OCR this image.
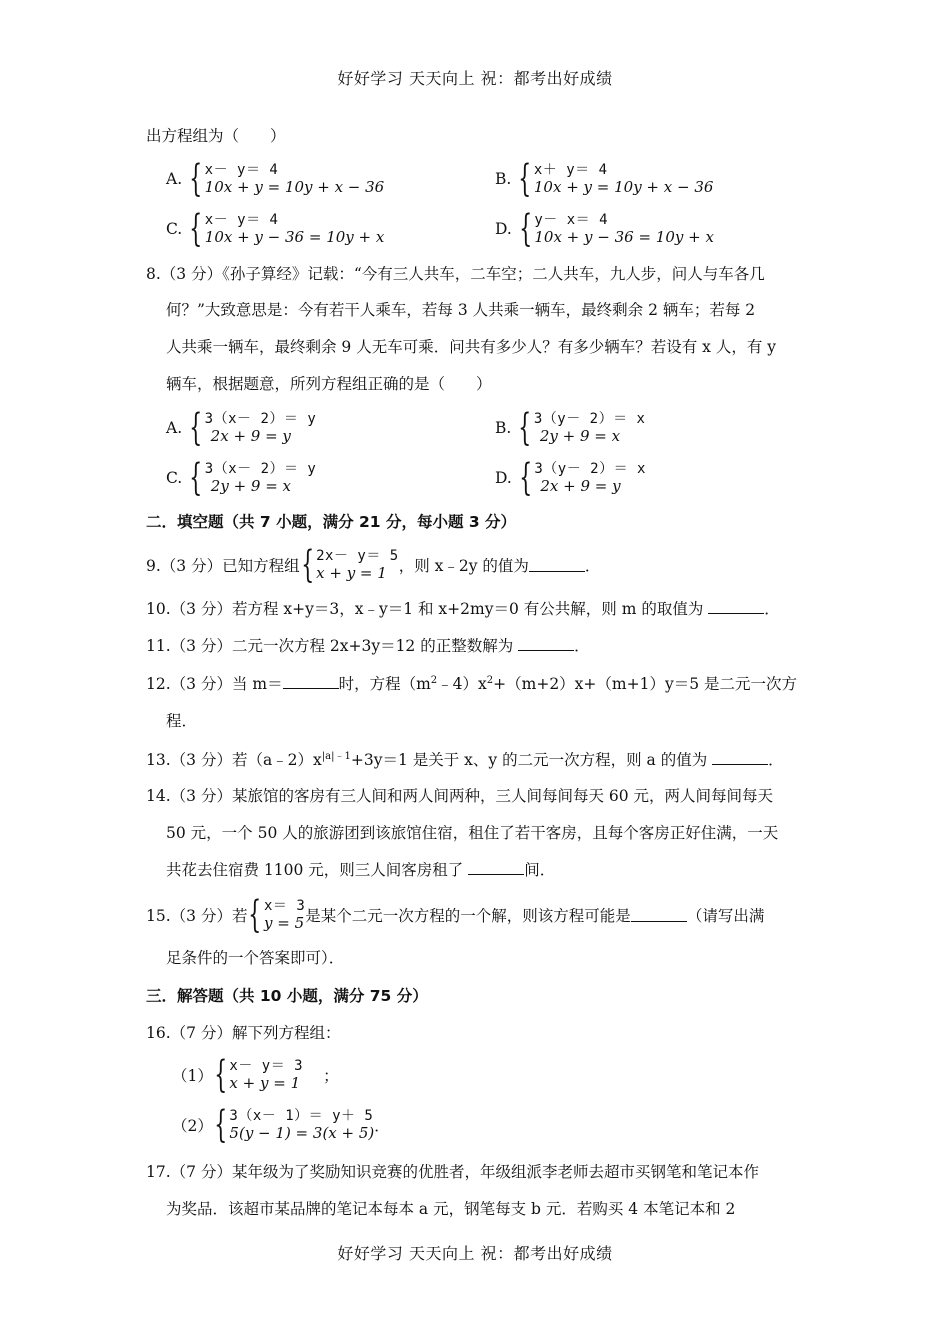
好好学习 天天向上 祝：都考出好成绩
出方程组为（　　）
A. { x－ y＝ 4
10x + y = 10y + x − 36	B. { x＋ y＝ 4
10x + y = 10y + x − 36
C. { x－ y＝ 4
10x + y − 36 = 10y + x	D. { y－ x＝ 4
10x + y − 36 = 10y + x
8.（3 分）《孙子算经》记载：“今有三人共车，二车空；二人共车，九人步，问人与车各几
何？”大致意思是：今有若干人乘车，若每 3 人共乘一辆车，最终剩余 2 辆车；若每 2
人共乘一辆车，最终剩余 9 人无车可乘．问共有多少人？有多少辆车？若设有 x 人，有 y
辆车，根据题意，所列方程组正确的是（　　）
A. { 3（x－ 2）＝ y
2x + 9 = y	B. { 3（y－ 2）＝ x
2y + 9 = x
C. { 3（x－ 2）＝ y
2y + 9 = x	D. { 3（y－ 2）＝ x
2x + 9 = y
二．填空题（共 7 小题，满分 21 分，每小题 3 分）
9.（3 分）已知方程组 { 2x－ y＝ 5
x + y = 1 ，则 x﹣2y 的值为	．
10.（3 分）若方程 x+y＝3，x﹣y＝1 和 x+2my＝0 有公共解，则 m 的取值为	．
11.（3 分）二元一次方程 2x+3y＝12 的正整数解为	．
12.（3 分）当 m＝	时，方程$(m^2﹣4)x^2+(m+2)x+(m+1)y=5$ 是二元一次方
程．
13.（3 分）若$(a﹣2)x^{|a|﹣1}+3y=1$ 是关于 x、y 的二元一次方程，则 a 的值为	．
14.（3 分）某旅馆的客房有三人间和两人间两种，三人间每间每天 60 元，两人间每间每天
50 元，一个 50 人的旅游团到该旅馆住宿，租住了若干客房，且每个客房正好住满，一天
共花去住宿费 1100 元，则三人间客房租了	间．
15.（3 分）若 { x＝ 3
y = 5 是某个二元一次方程的一个解，则该方程可能是	（请写出满
足条件的一个答案即可）．
三．解答题（共 10 小题，满分 75 分）
16.（7 分）解下列方程组：
（1） { x－ y＝ 3
x + y = 1 ；
（2） { 3（x－ 1）＝ y＋ 5
5(y − 1) = 3(x + 5) ．
17.（7 分）某年级为了奖励知识竞赛的优胜者，年级组派李老师去超市买钢笔和笔记本作
为奖品．该超市某品牌的笔记本每本 a 元，钢笔每支 b 元．若购买 4 本笔记本和 2
好好学习 天天向上 祝：都考出好成绩
